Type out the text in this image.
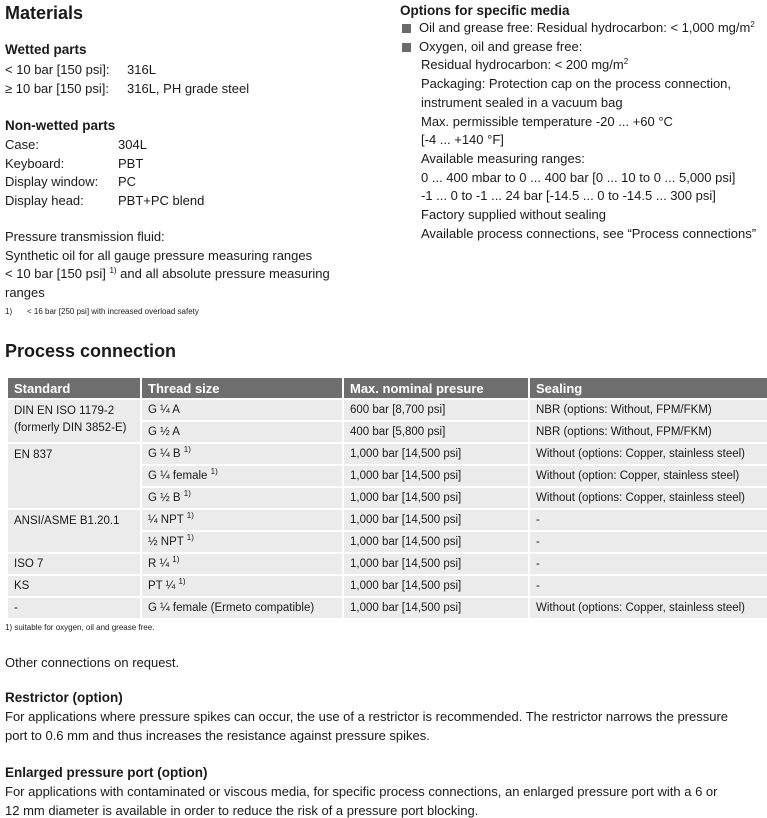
Materials
Wetted parts
< 10 bar [150 psi]:	316L
≥ 10 bar [150 psi]:	316L, PH grade steel
Non-wetted parts
Case:	304L
Keyboard:	PBT
Display window:	PC
Display head:	PBT+PC blend
Pressure transmission fluid:
Synthetic oil for all gauge pressure measuring ranges
< 10 bar [150 psi] $^{1)}$ and all absolute pressure measuring
ranges
1) < 16 bar [250 psi] with increased overload safety
Options for specific media
Oil and grease free: Residual hydrocarbon: < 1,000 $mg/m^2$
Oxygen, oil and grease free:
Residual hydrocarbon: < 200 $mg/m^2$
Packaging: Protection cap on the process connection,
instrument sealed in a vacuum bag
Max. permissible temperature -20 ... +60 °C
[-4 ... +140 °F]
Available measuring ranges:
0 ... 400 mbar to 0 ... 400 bar [0 ... 10 to 0 ... 5,000 psi]
-1 ... 0 to -1 ... 24 bar [-14.5 ... 0 to -14.5 ... 300 psi]
Factory supplied without sealing
Available process connections, see “Process connections”
Process connection
Standard	Thread size	Max. nominal presure	Sealing

DIN EN ISO 1179-2
(formerly DIN 3852-E)	G ¼ A	600 bar [8,700 psi]	NBR (options: Without, FPM/FKM)
	G ½ A	400 bar [5,800 psi]	NBR (options: Without, FPM/FKM)
EN 837	G ¼ B $^{1)}$	1,000 bar [14,500 psi]	Without (options: Copper, stainless steel)
	G ¼ female $^{1)}$	1,000 bar [14,500 psi]	Without (option: Copper, stainless steel)
	G ½ B $^{1)}$	1,000 bar [14,500 psi]	Without (options: Copper, stainless steel)
ANSI/ASME B1.20.1	¼ NPT $^{1)}$	1,000 bar [14,500 psi]	-
	½ NPT $^{1)}$	1,000 bar [14,500 psi]	-
ISO 7	R ¼ $^{1)}$	1,000 bar [14,500 psi]	-
KS	PT ¼ $^{1)}$	1,000 bar [14,500 psi]	-
-	G ¼ female (Ermeto compatible)	1,000 bar [14,500 psi]	Without (options: Copper, stainless steel)
1) suitable for oxygen, oil and grease free.
Other connections on request.
Restrictor (option)
For applications where pressure spikes can occur, the use of a restrictor is recommended. The restrictor narrows the pressure
port to 0.6 mm and thus increases the resistance against pressure spikes.
Enlarged pressure port (option)
For applications with contaminated or viscous media, for specific process connections, an enlarged pressure port with a 6 or
12 mm diameter is available in order to reduce the risk of a pressure port blocking.
